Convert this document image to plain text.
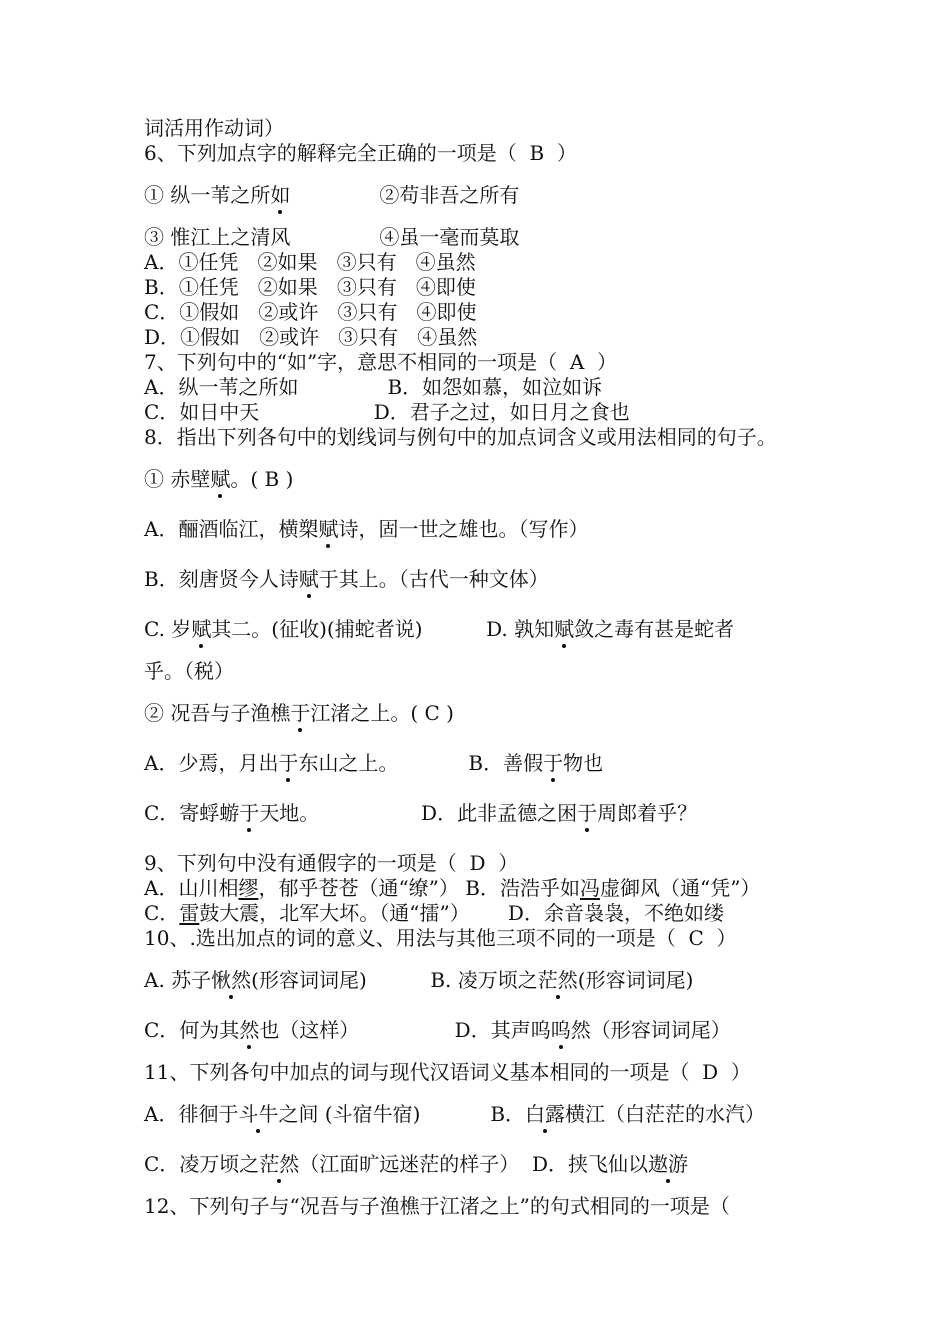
词活用作动词）
6、下列加点字的解释完全正确的一项是（  B  ）
① 纵一苇之所如              ②苟非吾之所有
③ 惟江上之清风              ④虽一毫而莫取
A．①任凭   ②如果   ③只有   ④虽然
B．①任凭   ②如果   ③只有   ④即使
C．①假如   ②或许   ③只有   ④即使
D．①假如   ②或许   ③只有   ④虽然
7、下列句中的“如”字，意思不相同的一项是（  A  ）
A．纵一苇之所如              B．如怨如慕，如泣如诉
C．如日中天                  D．君子之过，如日月之食也
8．指出下列各句中的划线词与例句中的加点词含义或用法相同的句子。
① 赤壁赋。( B )
A．酾酒临江，横槊赋诗，固一世之雄也。（写作）
B．刻唐贤今人诗赋于其上。（古代一种文体）
C. 岁赋其二。(征收)(捕蛇者说)          D. 孰知赋敛之毒有甚是蛇者
乎。（税）
② 况吾与子渔樵于江渚之上。( C )
A．少焉，月出于东山之上。           B．善假于物也
C．寄蜉蝣于天地。                D．此非孟德之困于周郎着乎？
9、下列句中没有通假字的一项是（  D  ）
A．山川相缪，郁乎苍苍（通“缭”） B．浩浩乎如冯虚御风（通“凭”）
C．雷鼓大震，北军大坏。（通“擂”）      D．余音袅袅，不绝如缕
10、.选出加点的词的意义、用法与其他三项不同的一项是（  C  ）
A. 苏子愀然(形容词词尾)          B. 凌万顷之茫然(形容词词尾)
C．何为其然也（这样）               D．其声呜呜然（形容词词尾）
11、下列各句中加点的词与现代汉语词义基本相同的一项是（  D  ）
A．徘徊于斗牛之间 (斗宿牛宿)           B．白露横江（白茫茫的水汽）
C．凌万顷之茫然（江面旷远迷茫的样子）  D．挟飞仙以遨游
12、下列句子与“况吾与子渔樵于江渚之上”的句式相同的一项是（
